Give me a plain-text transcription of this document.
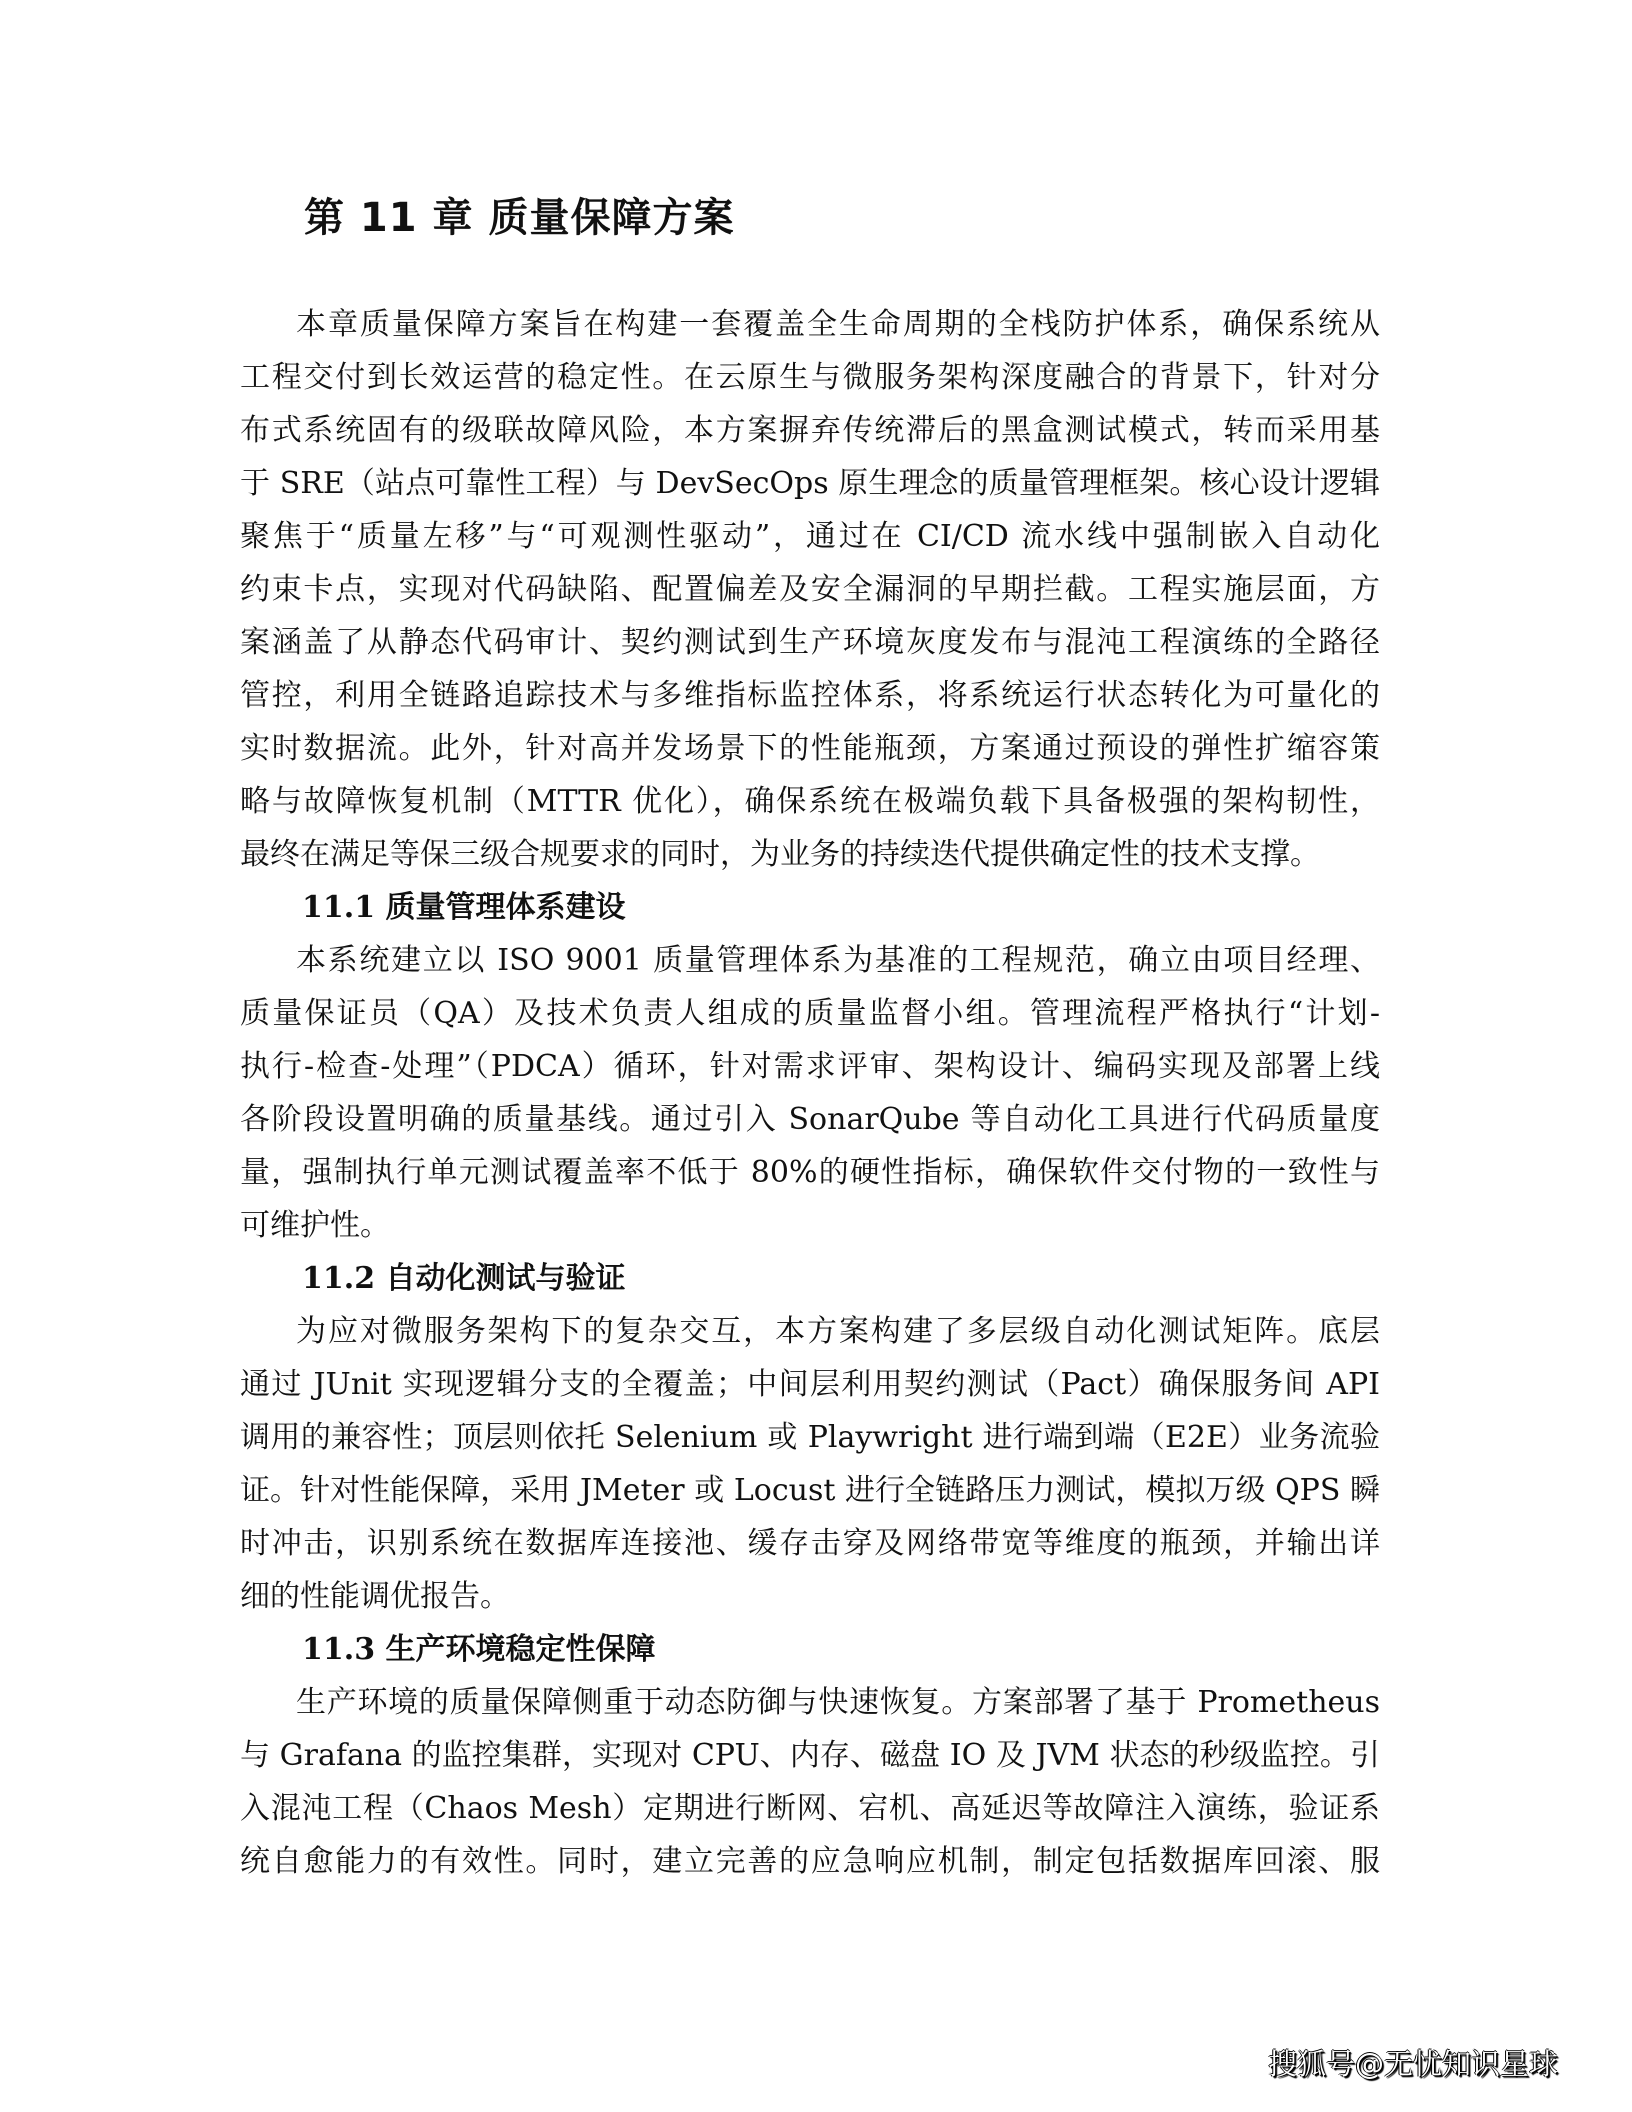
第 11 章 质量保障方案
本章质量保障方案旨在构建一套覆盖全生命周期的全栈防护体系，确保系统从
工程交付到长效运营的稳定性。在云原生与微服务架构深度融合的背景下，针对分
布式系统固有的级联故障风险，本方案摒弃传统滞后的黑盒测试模式，转而采用基
于 SRE（站点可靠性工程）与 DevSecOps 原生理念的质量管理框架。核心设计逻辑
聚焦于“质量左移”与“可观测性驱动”，通过在 CI/CD 流水线中强制嵌入自动化
约束卡点，实现对代码缺陷、配置偏差及安全漏洞的早期拦截。工程实施层面，方
案涵盖了从静态代码审计、契约测试到生产环境灰度发布与混沌工程演练的全路径
管控，利用全链路追踪技术与多维指标监控体系，将系统运行状态转化为可量化的
实时数据流。此外，针对高并发场景下的性能瓶颈，方案通过预设的弹性扩缩容策
略与故障恢复机制（MTTR 优化），确保系统在极端负载下具备极强的架构韧性，
最终在满足等保三级合规要求的同时，为业务的持续迭代提供确定性的技术支撑。
11.1 质量管理体系建设
本系统建立以 ISO 9001 质量管理体系为基准的工程规范，确立由项目经理、
质量保证员（QA）及技术负责人组成的质量监督小组。管理流程严格执行“计划-
执行-检查-处理”（PDCA）循环，针对需求评审、架构设计、编码实现及部署上线
各阶段设置明确的质量基线。通过引入 SonarQube 等自动化工具进行代码质量度
量，强制执行单元测试覆盖率不低于 80%的硬性指标，确保软件交付物的一致性与
可维护性。
11.2 自动化测试与验证
为应对微服务架构下的复杂交互，本方案构建了多层级自动化测试矩阵。底层
通过 JUnit 实现逻辑分支的全覆盖；中间层利用契约测试（Pact）确保服务间 API
调用的兼容性；顶层则依托 Selenium 或 Playwright 进行端到端（E2E）业务流验
证。针对性能保障，采用 JMeter 或 Locust 进行全链路压力测试，模拟万级 QPS 瞬
时冲击，识别系统在数据库连接池、缓存击穿及网络带宽等维度的瓶颈，并输出详
细的性能调优报告。
11.3 生产环境稳定性保障
生产环境的质量保障侧重于动态防御与快速恢复。方案部署了基于 Prometheus
与 Grafana 的监控集群，实现对 CPU、内存、磁盘 IO 及 JVM 状态的秒级监控。引
入混沌工程（Chaos Mesh）定期进行断网、宕机、高延迟等故障注入演练，验证系
统自愈能力的有效性。同时，建立完善的应急响应机制，制定包括数据库回滚、服
搜狐号@无忧知识星球
